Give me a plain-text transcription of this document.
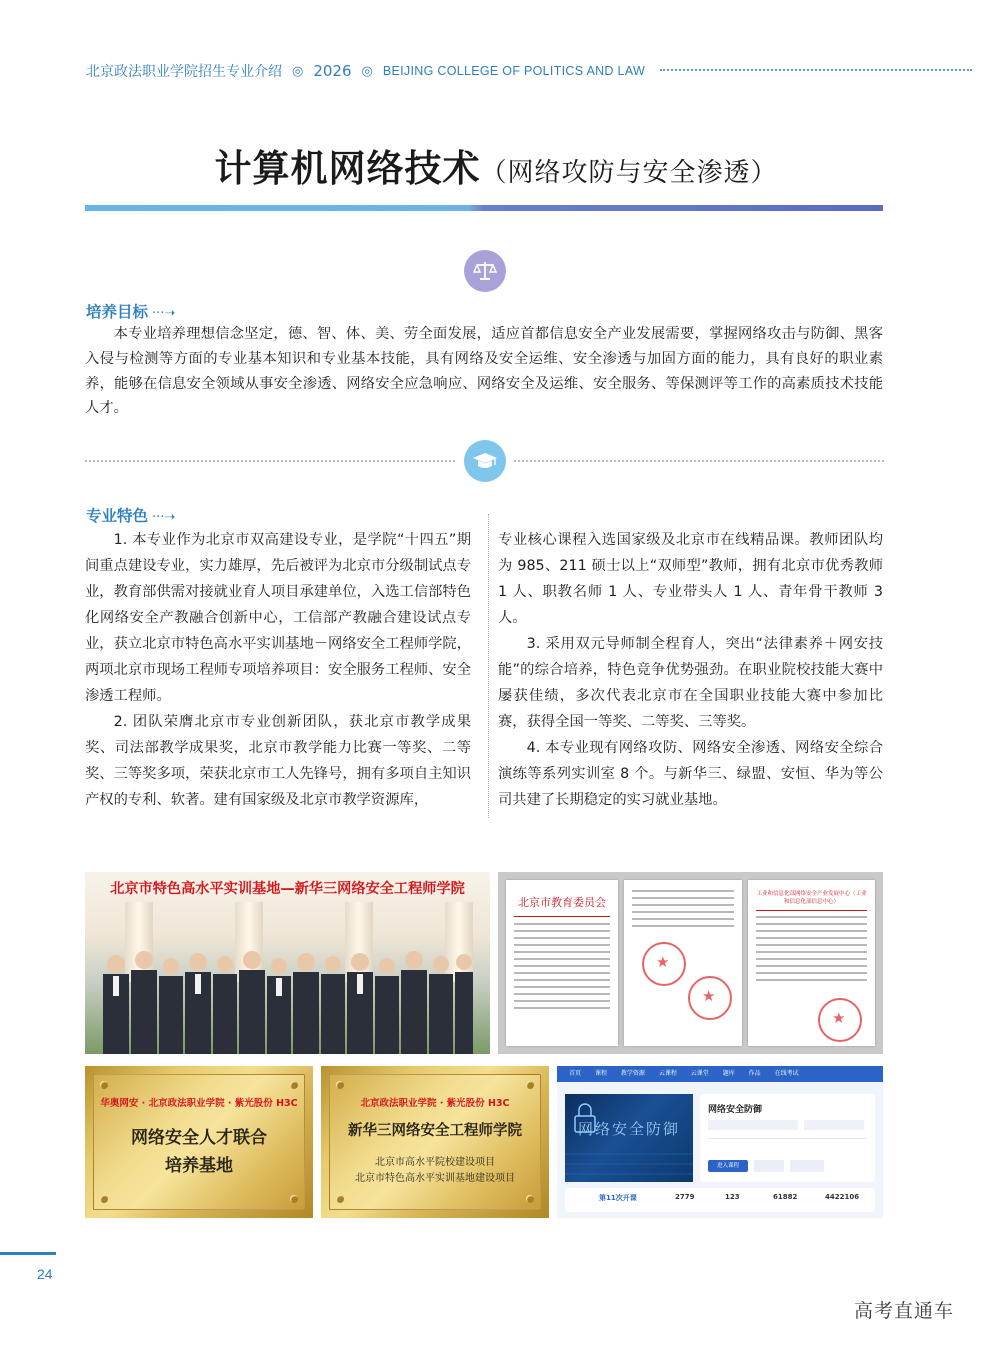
北京政法职业学院招生专业介绍 ◎ 2026 ◎ BEIJING COLLEGE OF POLITICS AND LAW
计算机网络技术（网络攻防与安全渗透）
培养目标 ···➝

本专业培养理想信念坚定，德、智、体、美、劳全面发展，适应首都信息安全产业发展需要，掌握网络攻击与防御、黑客入侵与检测等方面的专业基本知识和专业基本技能，具有网络及安全运维、安全渗透与加固方面的能力，具有良好的职业素养，能够在信息安全领域从事安全渗透、网络安全应急响应、网络安全及运维、安全服务、等保测评等工作的高素质技术技能人才。

专业特色 ···➝

1. 本专业作为北京市双高建设专业，是学院“十四五”期间重点建设专业，实力雄厚，先后被评为北京市分级制试点专业，教育部供需对接就业育人项目承建单位，入选工信部特色化网络安全产教融合创新中心，工信部产教融合建设试点专业，获立北京市特色高水平实训基地－网络安全工程师学院，两项北京市现场工程师专项培养项目：安全服务工程师、安全渗透工程师。

2. 团队荣膺北京市专业创新团队，获北京市教学成果奖、司法部教学成果奖，北京市教学能力比赛一等奖、二等奖、三等奖多项，荣获北京市工人先锋号，拥有多项自主知识产权的专利、软著。建有国家级及北京市教学资源库，

专业核心课程入选国家级及北京市在线精品课。教师团队均为 985、211 硕士以上“双师型”教师，拥有北京市优秀教师 1 人、职教名师 1 人、专业带头人 1 人、青年骨干教师 3 人。

3. 采用双元导师制全程育人，突出“法律素养＋网安技能”的综合培养，特色竞争优势强劲。在职业院校技能大赛中屡获佳绩，多次代表北京市在全国职业技能大赛中参加比赛，获得全国一等奖、二等奖、三等奖。

4. 本专业现有网络攻防、网络安全渗透、网络安全综合演练等系列实训室 8 个。与新华三、绿盟、安恒、华为等公司共建了长期稳定的实习就业基地。

北京市特色高水平实训基地—新华三网络安全工程师学院
北京市教育委员会
★
★
工业和信息化部网络安全产业发展中心（工业和信息化部信息中心）
★
华奥网安 · 北京政法职业学院 · 紫光股份 H3C
网络安全人才联合
培养基地
北京政法职业学院 · 紫光股份 H3C
新华三网络安全工程师学院
北京市高水平院校建设项目
北京市特色高水平实训基地建设项目
首页 课程 教学资源 云课程 云课堂 题库 作品 在线考试
网络安全防御
网络安全防御
进入课程
第11次开课	2779	123	61882	4422106
24
高考直通车
